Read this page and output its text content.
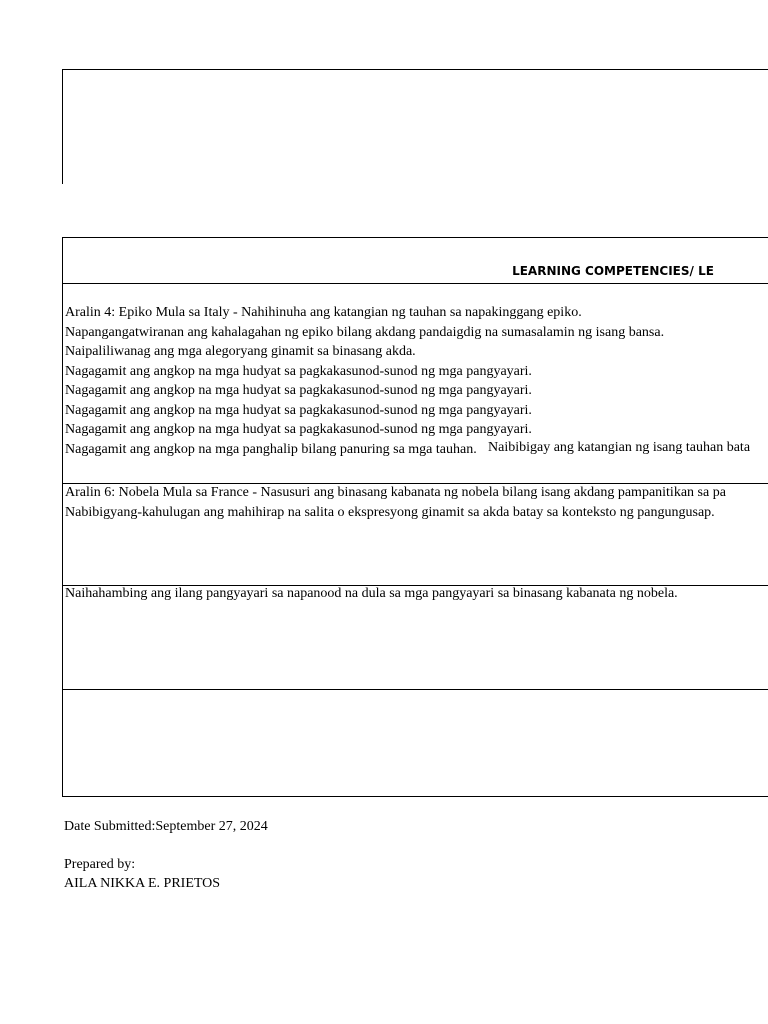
LEARNING COMPETENCIES/ LE
Aralin 4: Epiko Mula sa Italy - Nahihinuha ang katangian ng tauhan sa napakinggang epiko.
Napangangatwiranan ang kahalagahan ng epiko bilang akdang pandaigdig na sumasalamin ng isang bansa.
Naipaliliwanag ang mga alegoryang ginamit sa binasang akda.
Nagagamit ang angkop na mga hudyat sa pagkakasunod-sunod ng mga pangyayari.
Nagagamit ang angkop na mga hudyat sa pagkakasunod-sunod ng mga pangyayari.
Nagagamit ang angkop na mga hudyat sa pagkakasunod-sunod ng mga pangyayari.
Nagagamit ang angkop na mga hudyat sa pagkakasunod-sunod ng mga pangyayari.
Nagagamit ang angkop na mga panghalip bilang panuring sa mga tauhan. Naibibigay ang katangian ng isang tauhan bata
Aralin 6: Nobela Mula sa France - Nasusuri ang binasang kabanata ng nobela bilang isang akdang pampanitikan sa pa
Nabibigyang-kahulugan ang mahihirap na salita o ekspresyong ginamit sa akda batay sa konteksto ng pangungusap.
Naihahambing ang ilang pangyayari sa napanood na dula sa mga pangyayari sa binasang kabanata ng nobela.
Date Submitted:September 27, 2024
Prepared by:
AILA NIKKA E. PRIETOS
